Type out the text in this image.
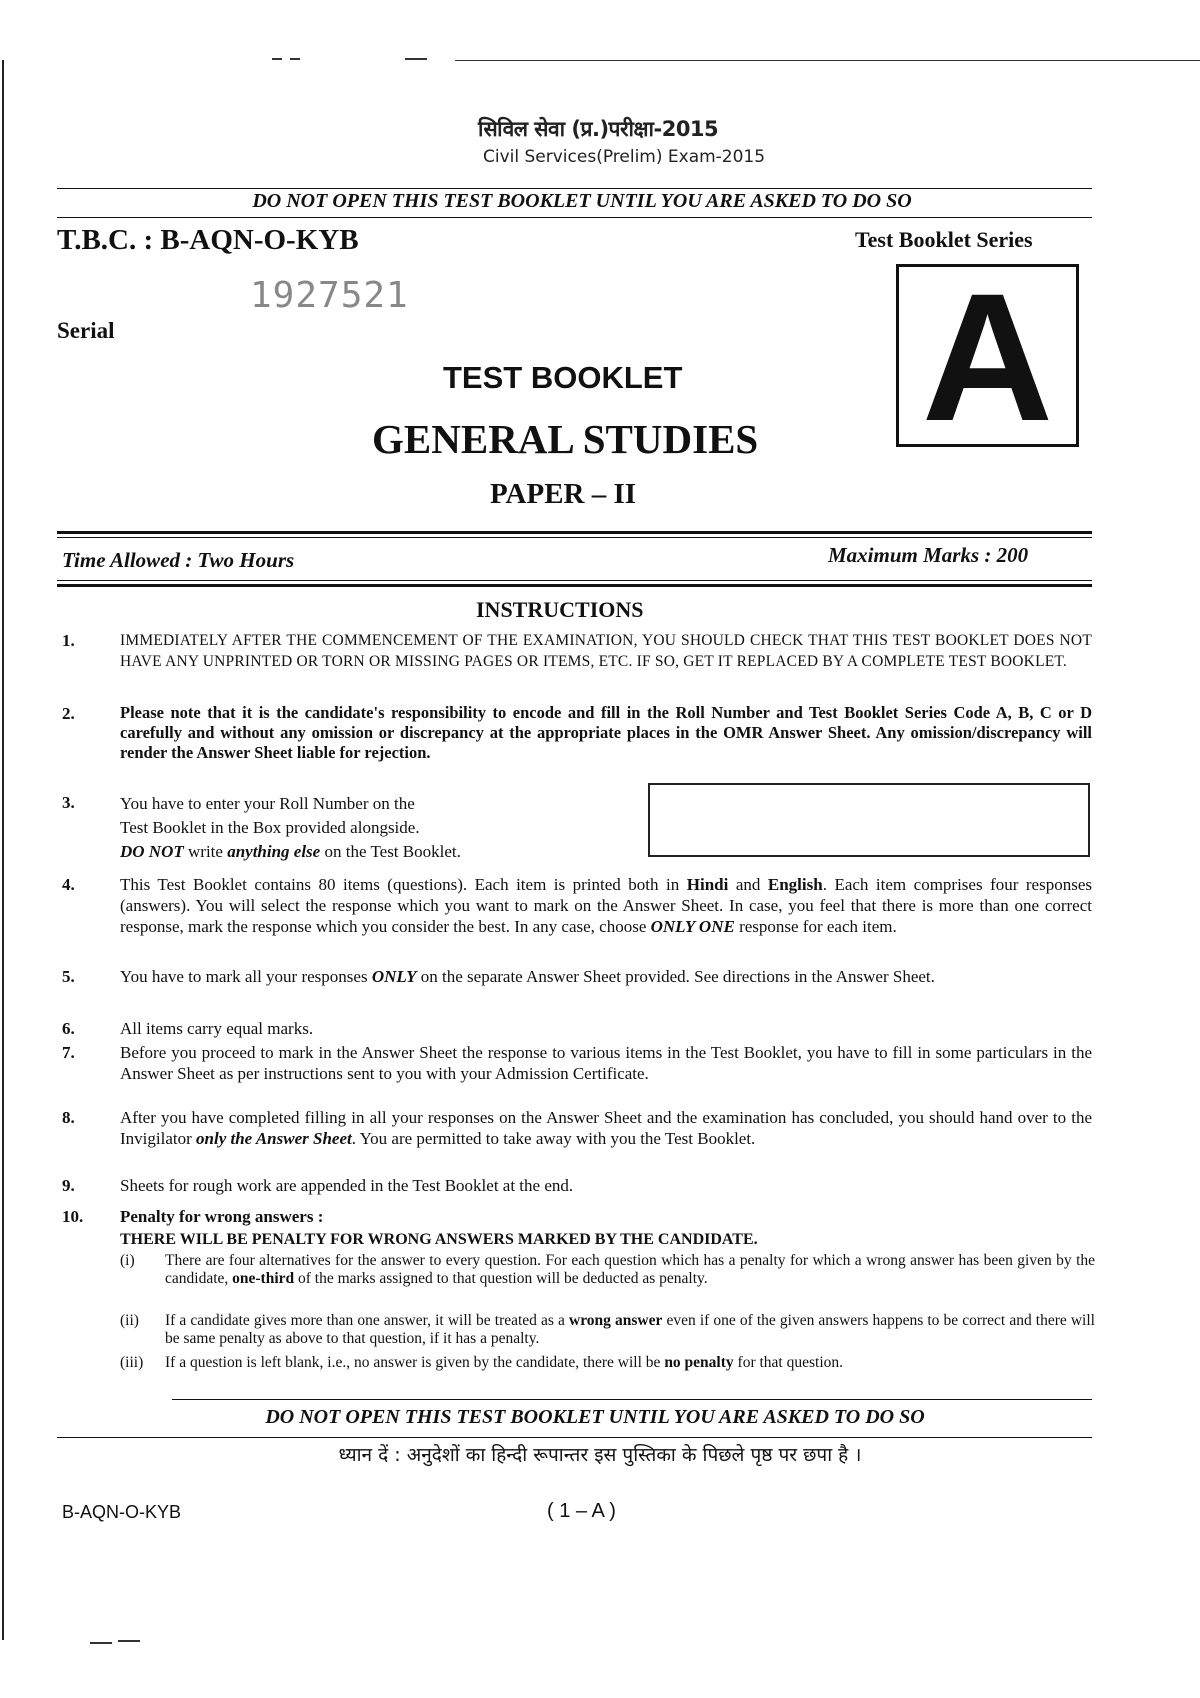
सिविल सेवा (प्र.)परीक्षा-2015
Civil Services(Prelim) Exam-2015
DO NOT OPEN THIS TEST BOOKLET UNTIL YOU ARE ASKED TO DO SO
T.B.C. : B-AQN-O-KYB	Test Booklet Series
1927521
Serial	A
TEST BOOKLET
GENERAL STUDIES
PAPER – II
Time Allowed : Two Hours	Maximum Marks : 200
INSTRUCTIONS
1.	IMMEDIATELY AFTER THE COMMENCEMENT OF THE EXAMINATION, YOU SHOULD CHECK THAT THIS TEST BOOKLET DOES NOT HAVE ANY UNPRINTED OR TORN OR MISSING PAGES OR ITEMS, ETC. IF SO, GET IT REPLACED BY A COMPLETE TEST BOOKLET.
2.	Please note that it is the candidate's responsibility to encode and fill in the Roll Number and Test Booklet Series Code A, B, C or D carefully and without any omission or discrepancy at the appropriate places in the OMR Answer Sheet. Any omission/discrepancy will render the Answer Sheet liable for rejection.
3.	You have to enter your Roll Number on the
Test Booklet in the Box provided alongside.
DO NOT write anything else on the Test Booklet.
4.	This Test Booklet contains 80 items (questions). Each item is printed both in Hindi and English. Each item comprises four responses (answers). You will select the response which you want to mark on the Answer Sheet. In case, you feel that there is more than one correct response, mark the response which you consider the best. In any case, choose ONLY ONE response for each item.
5.	You have to mark all your responses ONLY on the separate Answer Sheet provided. See directions in the Answer Sheet.
6.	All items carry equal marks.
7.	Before you proceed to mark in the Answer Sheet the response to various items in the Test Booklet, you have to fill in some particulars in the Answer Sheet as per instructions sent to you with your Admission Certificate.
8.	After you have completed filling in all your responses on the Answer Sheet and the examination has concluded, you should hand over to the Invigilator only the Answer Sheet. You are permitted to take away with you the Test Booklet.
9.	Sheets for rough work are appended in the Test Booklet at the end.
10. Penalty for wrong answers :
THERE WILL BE PENALTY FOR WRONG ANSWERS MARKED BY THE CANDIDATE.
(i) There are four alternatives for the answer to every question. For each question which has a penalty for which a wrong answer has been given by the candidate, one-third of the marks assigned to that question will be deducted as penalty.
(ii) If a candidate gives more than one answer, it will be treated as a wrong answer even if one of the given answers happens to be correct and there will be same penalty as above to that question, if it has a penalty.
(iii) If a question is left blank, i.e., no answer is given by the candidate, there will be no penalty for that question.
DO NOT OPEN THIS TEST BOOKLET UNTIL YOU ARE ASKED TO DO SO
ध्यान दें : अनुदेशों का हिन्दी रूपान्तर इस पुस्तिका के पिछले पृष्ठ पर छपा है ।
B-AQN-O-KYB	( 1 – A )
